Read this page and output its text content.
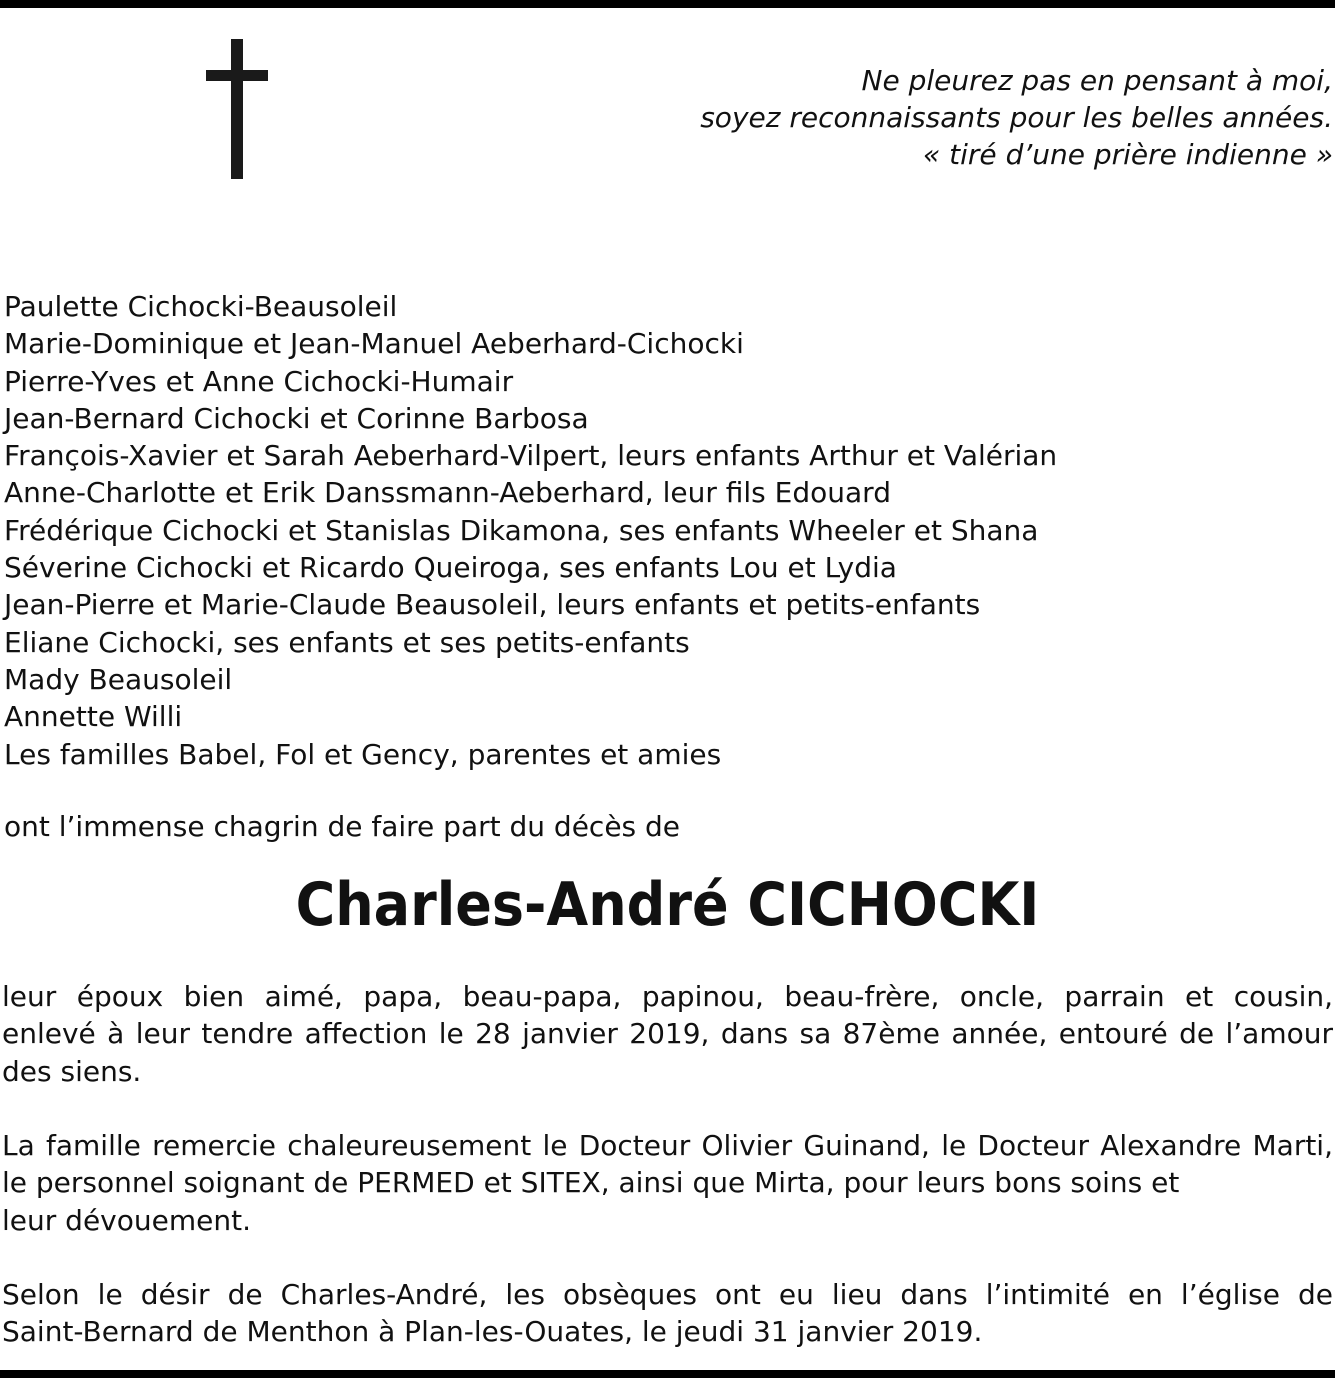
Ne pleurez pas en pensant à moi,
soyez reconnaissants pour les belles années.
« tiré d’une prière indienne »
Paulette Cichocki-Beausoleil
Marie-Dominique et Jean-Manuel Aeberhard-Cichocki
Pierre-Yves et Anne Cichocki-Humair
Jean-Bernard Cichocki et Corinne Barbosa
François-Xavier et Sarah Aeberhard-Vilpert, leurs enfants Arthur et Valérian
Anne-Charlotte et Erik Danssmann-Aeberhard, leur fils Edouard
Frédérique Cichocki et Stanislas Dikamona, ses enfants Wheeler et Shana
Séverine Cichocki et Ricardo Queiroga, ses enfants Lou et Lydia
Jean-Pierre et Marie-Claude Beausoleil, leurs enfants et petits-enfants
Eliane Cichocki, ses enfants et ses petits-enfants
Mady Beausoleil
Annette Willi
Les familles Babel, Fol et Gency, parentes et amies
ont l’immense chagrin de faire part du décès de
Charles-André CICHOCKI
leur époux bien aimé, papa, beau-papa, papinou, beau-frère, oncle, parrain et cousin,
enlevé à leur tendre affection le 28 janvier 2019, dans sa 87ème année, entouré de l’amour
des siens.
La famille remercie chaleureusement le Docteur Olivier Guinand, le Docteur Alexandre Marti,
le personnel soignant de PERMED et SITEX, ainsi que Mirta, pour leurs bons soins et
leur dévouement.
Selon le désir de Charles-André, les obsèques ont eu lieu dans l’intimité en l’église de
Saint-Bernard de Menthon à Plan-les-Ouates, le jeudi 31 janvier 2019.
